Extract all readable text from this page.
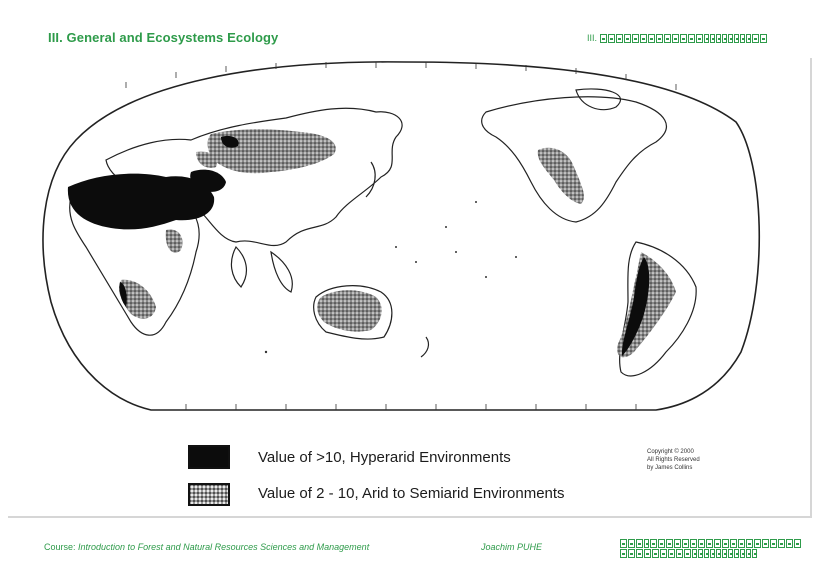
III. General and Ecosystems Ecology	III.
Value of >10, Hyperarid Environments
Value of 2 - 10, Arid to Semiarid Environments
Copyright © 2000
All Rights Reserved
by James Collins
Course: Introduction to Forest and Natural Resources Sciences and Management	Joachim PUHE
